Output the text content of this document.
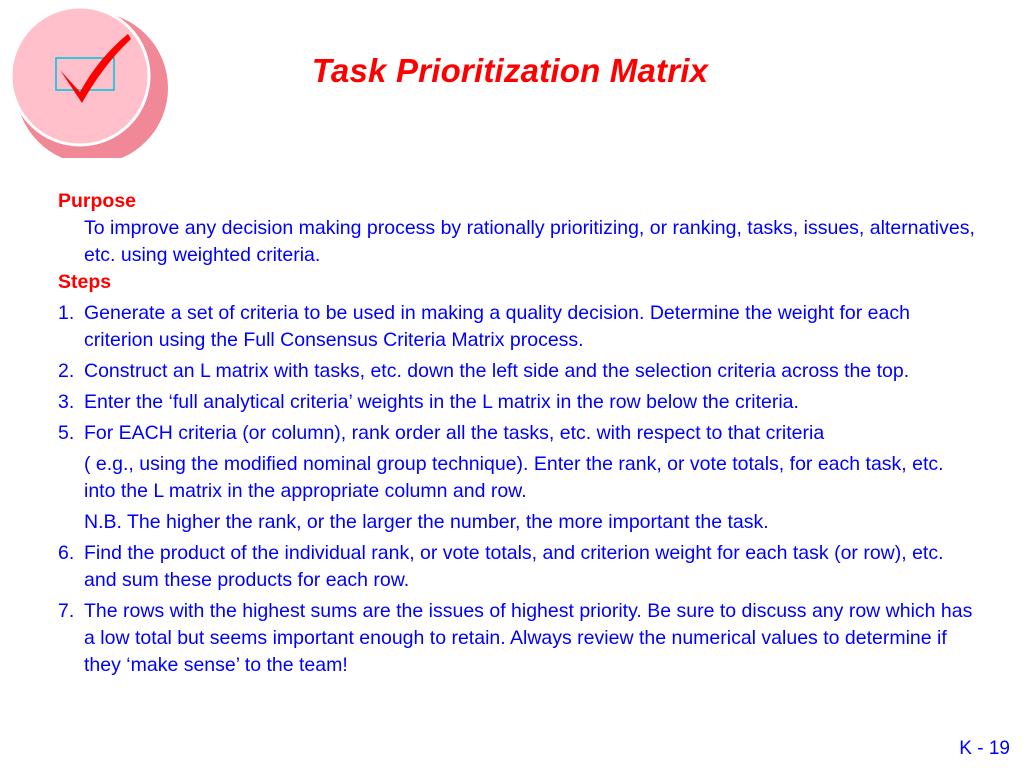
Task Prioritization Matrix
Purpose
To improve any decision making process by rationally prioritizing, or ranking, tasks, issues, alternatives, etc. using weighted criteria.
Steps
1. Generate a set of criteria to be used in making a quality decision. Determine the weight for each criterion using the Full Consensus Criteria Matrix process.
2. Construct an L matrix with tasks, etc. down the left side and the selection criteria across the top.
3. Enter the ‘full analytical criteria’ weights in the L matrix in the row below the criteria.
5. For EACH criteria (or column), rank order all the tasks, etc. with respect to that criteria
( e.g., using the modified nominal group technique). Enter the rank, or vote totals, for each task, etc. into the L matrix in the appropriate column and row.
N.B. The higher the rank, or the larger the number, the more important the task.
6. Find the product of the individual rank, or vote totals, and criterion weight for each task (or row), etc. and sum these products for each row.
7. The rows with the highest sums are the issues of highest priority. Be sure to discuss any row which has a low total but seems important enough to retain. Always review the numerical values to determine if they ‘make sense’ to the team!
K - 19
